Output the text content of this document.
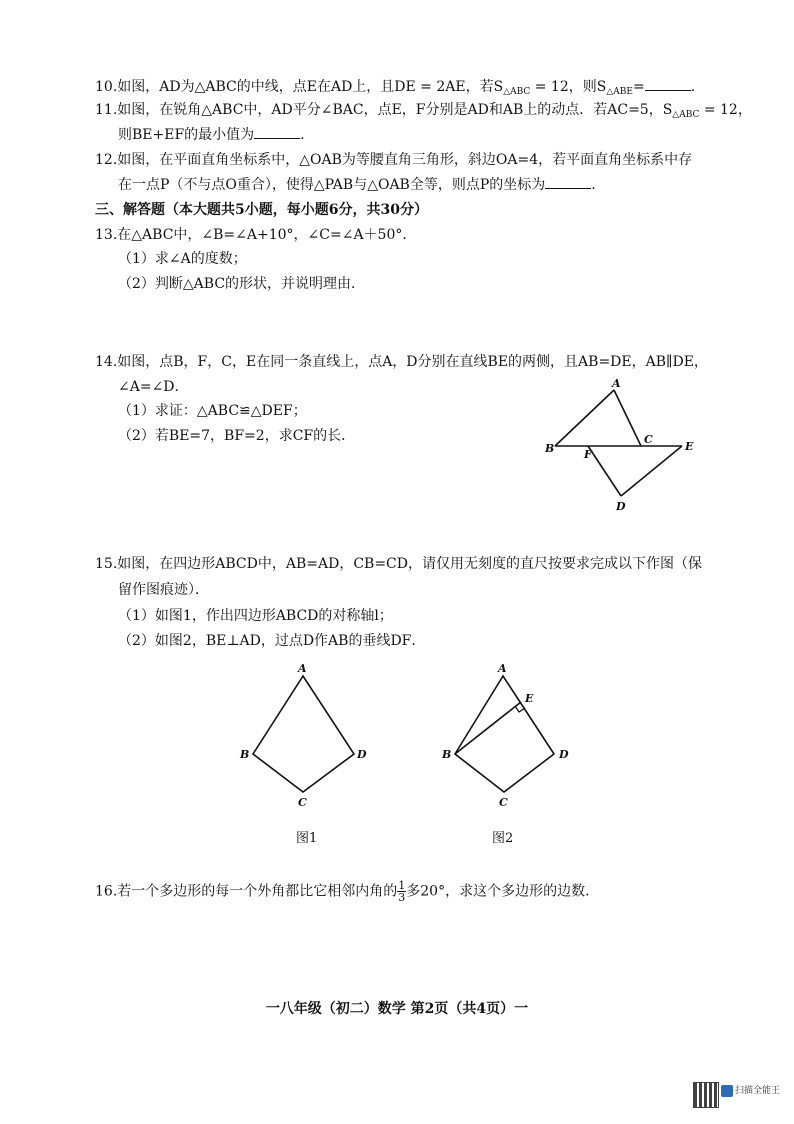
10.如图，AD为△ABC的中线，点E在AD上，且DE = 2AE，若$S_{\triangle ABC} = 12$，则$S_{\triangle ABE}=$	.
11.如图，在锐角△ABC中，AD平分∠BAC，点E，F分别是AD和AB上的动点．若AC=5，$S_{\triangle ABC} = 12$，
则BE+EF的最小值为	.
12.如图，在平面直角坐标系中，△OAB为等腰直角三角形，斜边OA=4，若平面直角坐标系中存
在一点P（不与点O重合），使得△PAB与△OAB全等，则点P的坐标为	.
三、解答题（本大题共5小题，每小题6分，共30分）
13.在△ABC中，∠B=∠A+10°，∠C=∠A＋50°．
（1）求∠A的度数；
（2）判断△ABC的形状，并说明理由．
14.如图，点B，F，C，E在同一条直线上，点A，D分别在直线BE的两侧，且AB=DE，AB∥DE，
∠A=∠D．
（1）求证：△ABC≌△DEF；
（2）若BE=7，BF=2，求CF的长．
A
B
C
E
F
D
15.如图，在四边形ABCD中，AB=AD，CB=CD，请仅用无刻度的直尺按要求完成以下作图（保
留作图痕迹）．
（1）如图1，作出四边形ABCD的对称轴l；
（2）如图2，BE⊥AD，过点D作AB的垂线DF．
A
B	D
C
A
E
B	D
C
图1	图2
16.若一个多边形的每一个外角都比它相邻内角的 $\frac{1}{3}$ 多20°，求这个多边形的边数．
一八年级（初二）数学 第2页（共4页）一
扫描全能王
